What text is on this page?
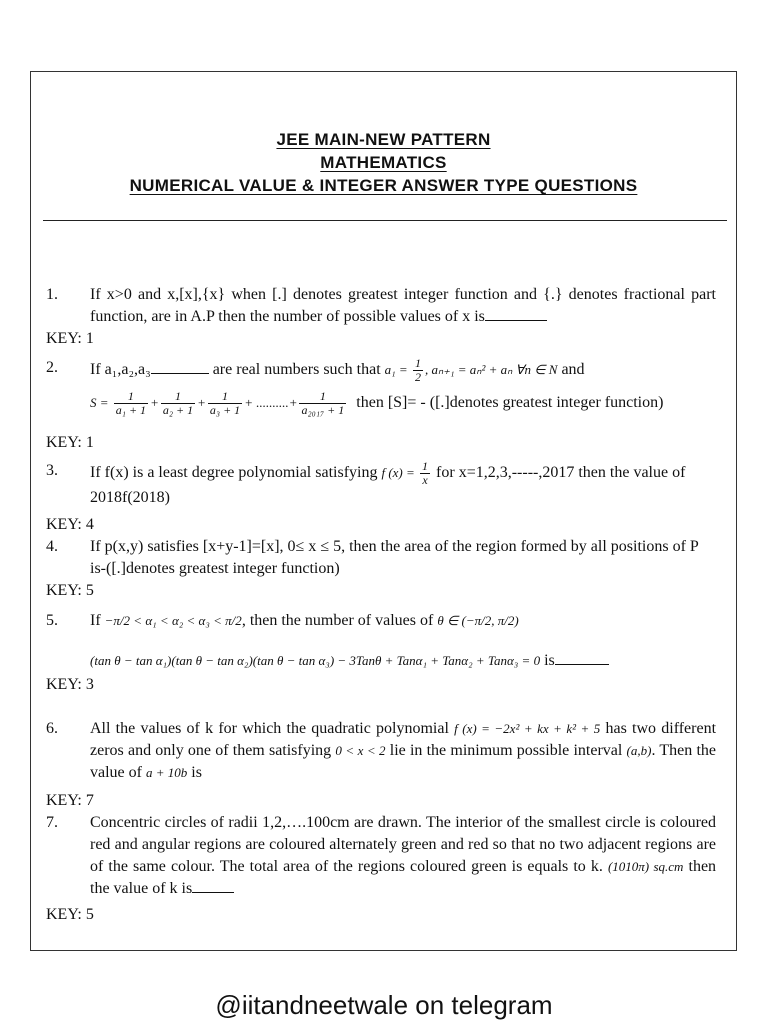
JEE MAIN-NEW PATTERN
MATHEMATICS
NUMERICAL VALUE & INTEGER ANSWER TYPE QUESTIONS
1. If x>0 and x,[x],{x} when [.] denotes greatest integer function and {.} denotes fractional part function, are in A.P then the number of possible values of x is
KEY: 1
2. If a₁,a₂,a₃	are real numbers such that $a_1 = \frac{1}{2}$ , aₙ₊₁ = aₙ² + aₙ ∀n ∈ N and
$S = \frac{1}{\text{a₁ + 1}} + \frac{1}{\text{a₂ + 1}} + \frac{1}{\text{a₃ + 1}}$ + ..........+ $\frac{1}{\text{a₂₀₁₇ + 1}}$ then [S]= - ([.]denotes greatest integer function)
KEY: 1
3. If f(x) is a least degree polynomial satisfying f $(x) = \frac{1}{x}$ for x=1,2,3,-----,2017 then the value of 2018f(2018)
KEY: 4
4. If p(x,y) satisfies [x+y-1]=[x], 0≤ x ≤ 5, then the area of the region formed by all positions of P is-([.]denotes greatest integer function)
KEY: 5
5. If −π/2 < α₁ < α₂ < α₃ < π/2, then the number of values of θ ∈ (−π/2, π/2)
(tan θ − tan α₁)(tan θ − tan α₂)(tan θ − tan α₃) − 3Tanθ + Tanα₁ + Tanα₂ + Tanα₃ = 0 is
KEY: 3
6. All the values of k for which the quadratic polynomial f (x) = −2x² + kx + k² + 5 has two different zeros and only one of them satisfying 0 < x < 2 lie in the minimum possible interval (a,b). Then the value of a + 10b is
KEY: 7
7. Concentric circles of radii 1,2,….100cm are drawn. The interior of the smallest circle is coloured red and angular regions are coloured alternately green and red so that no two adjacent regions are of the same colour. The total area of the regions coloured green is equals to k. (1010π) sq.cm then the value of k is
KEY: 5
@iitandneetwale on telegram
